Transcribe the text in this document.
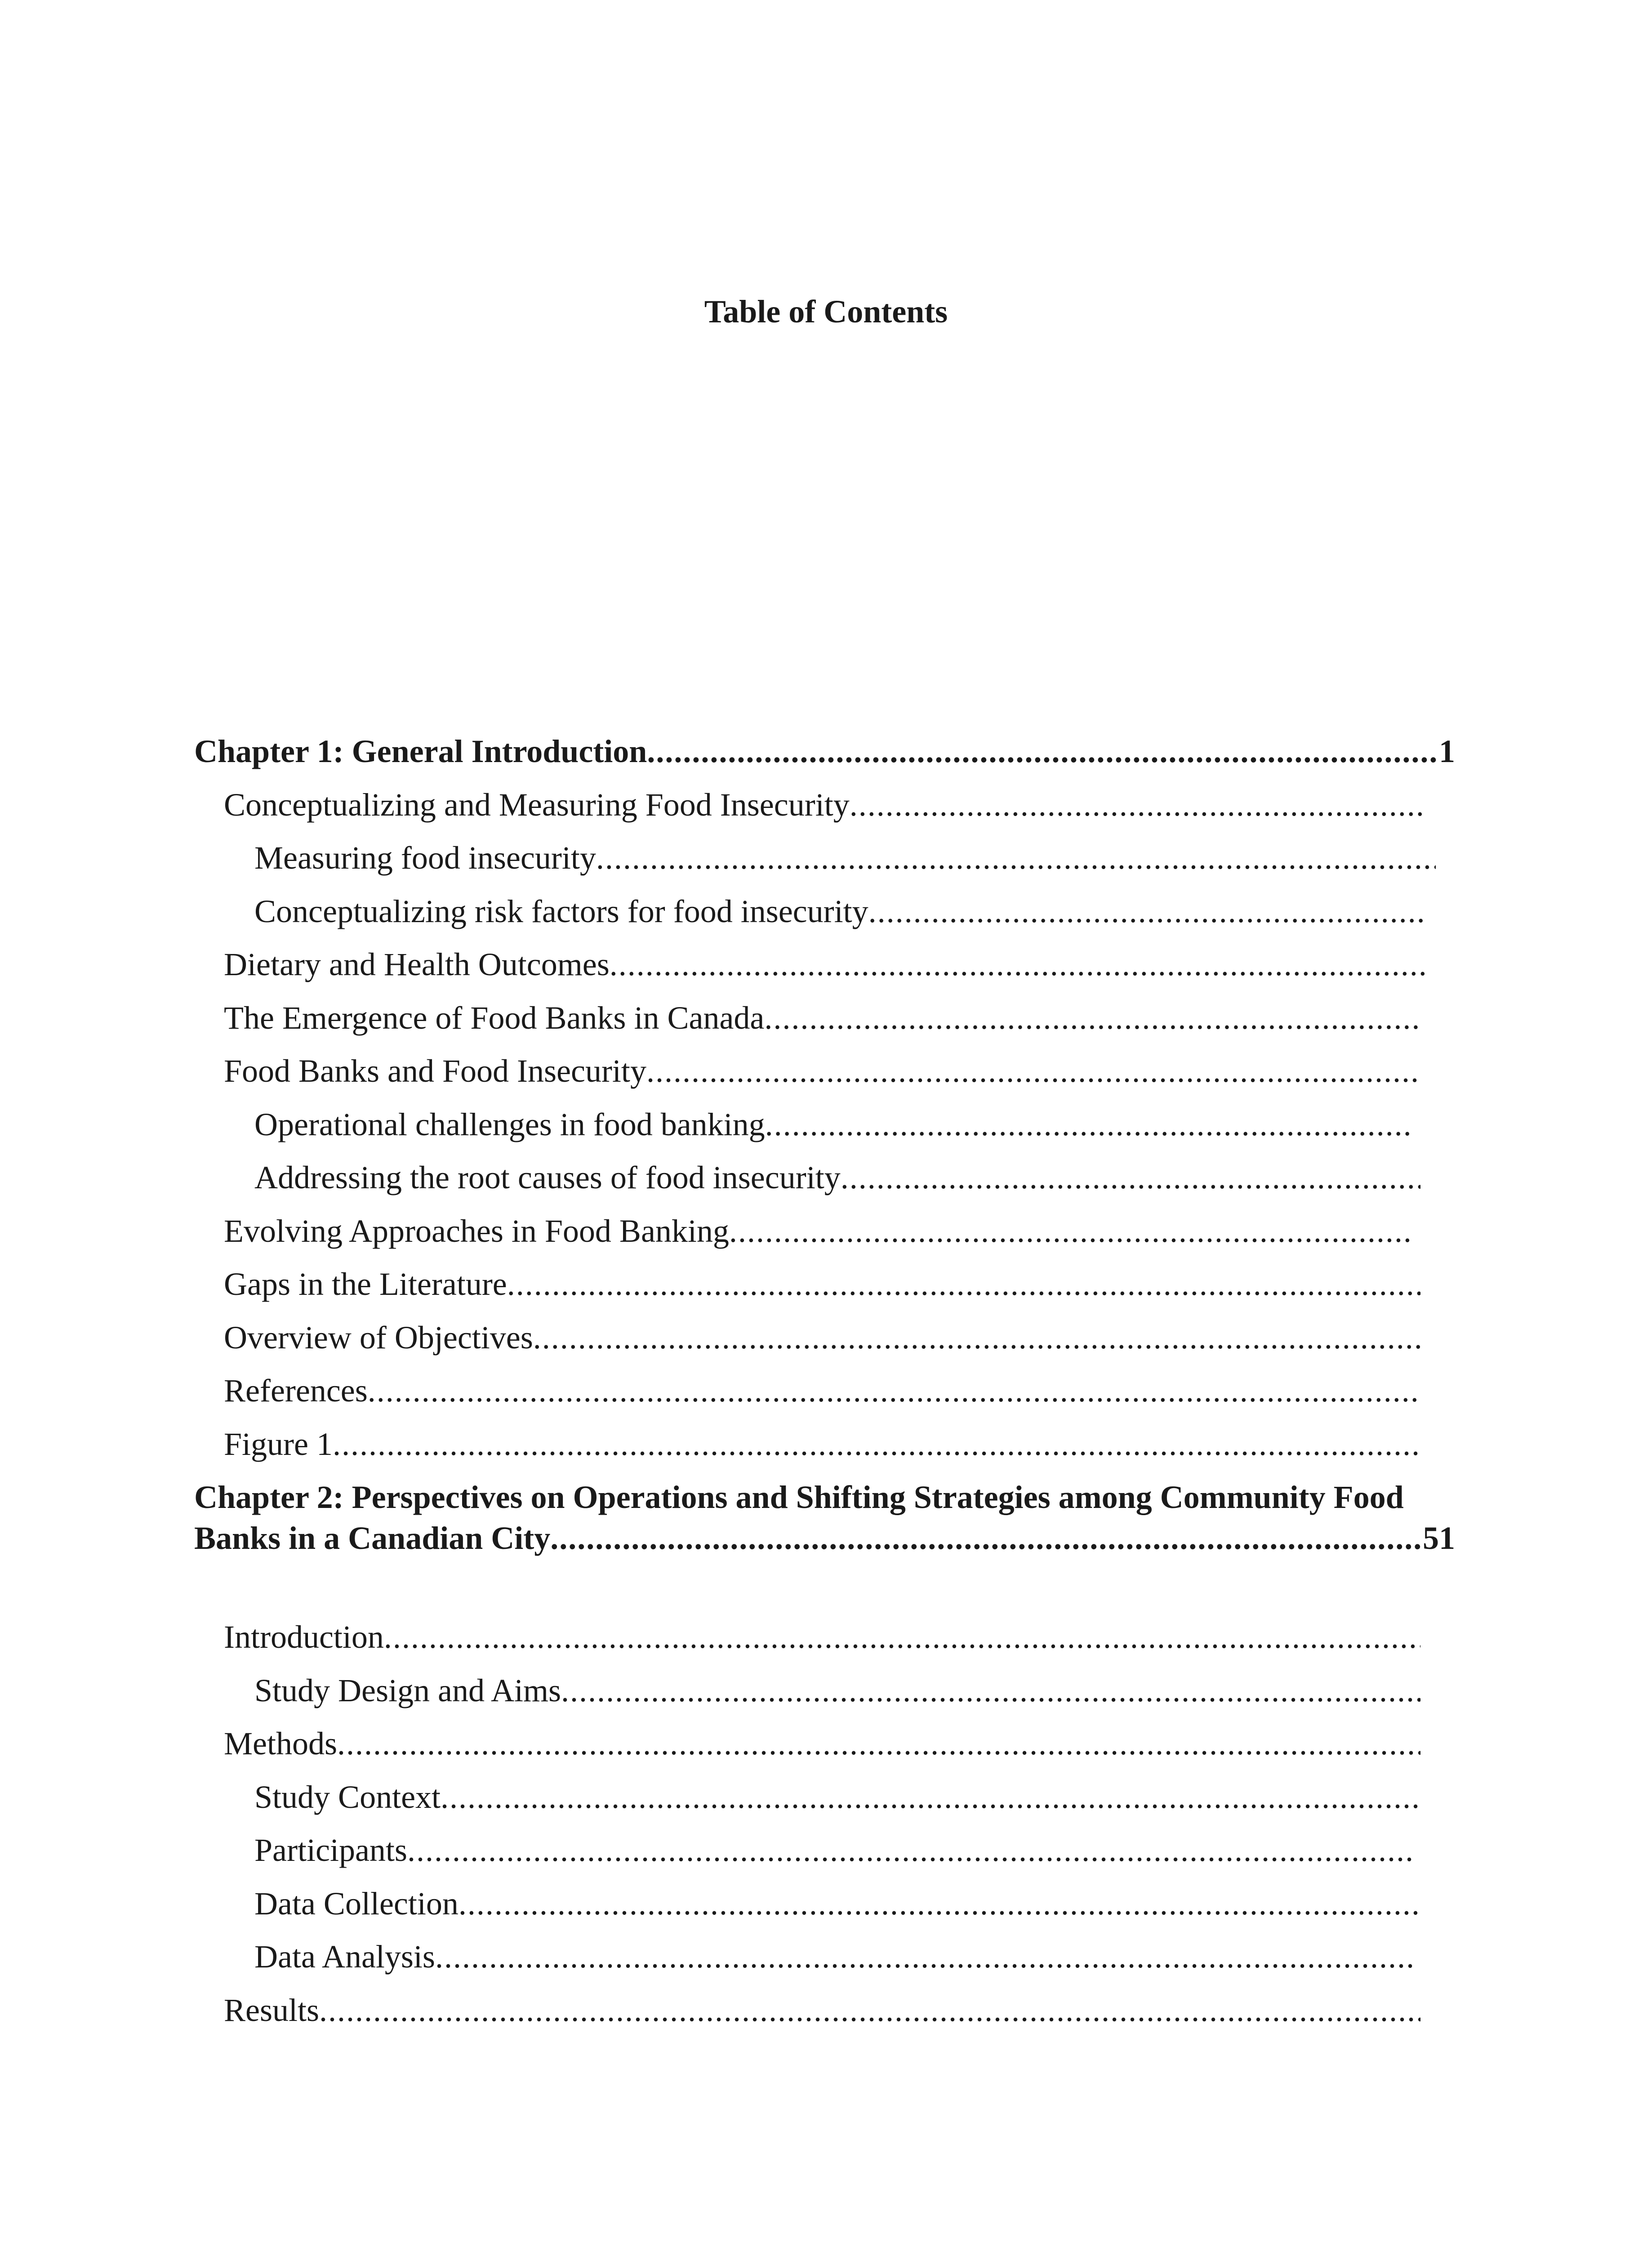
Table of Contents
Chapter 1: General Introduction .....	1
Conceptualizing and Measuring Food Insecurity
.....
Measuring food insecurity
.....
Conceptualizing risk factors for food insecurity
.....
Dietary and Health Outcomes
.....
The Emergence of Food Banks in Canada
.....
Food Banks and Food Insecurity
.....
Operational challenges in food banking
.....
Addressing the root causes of food insecurity
.....
Evolving Approaches in Food Banking
.....
Gaps in the Literature
.....
Overview of Objectives
.....
References
.....
Figure 1
.....
Chapter 2: Perspectives on Operations and Shifting Strategies among Community Food
Banks in a Canadian City .....	51
Introduction
.....
Study Design and Aims
.....
Methods
.....
Study Context
.....
Participants
.....
Data Collection
.....
Data Analysis
.....
Results
.....
